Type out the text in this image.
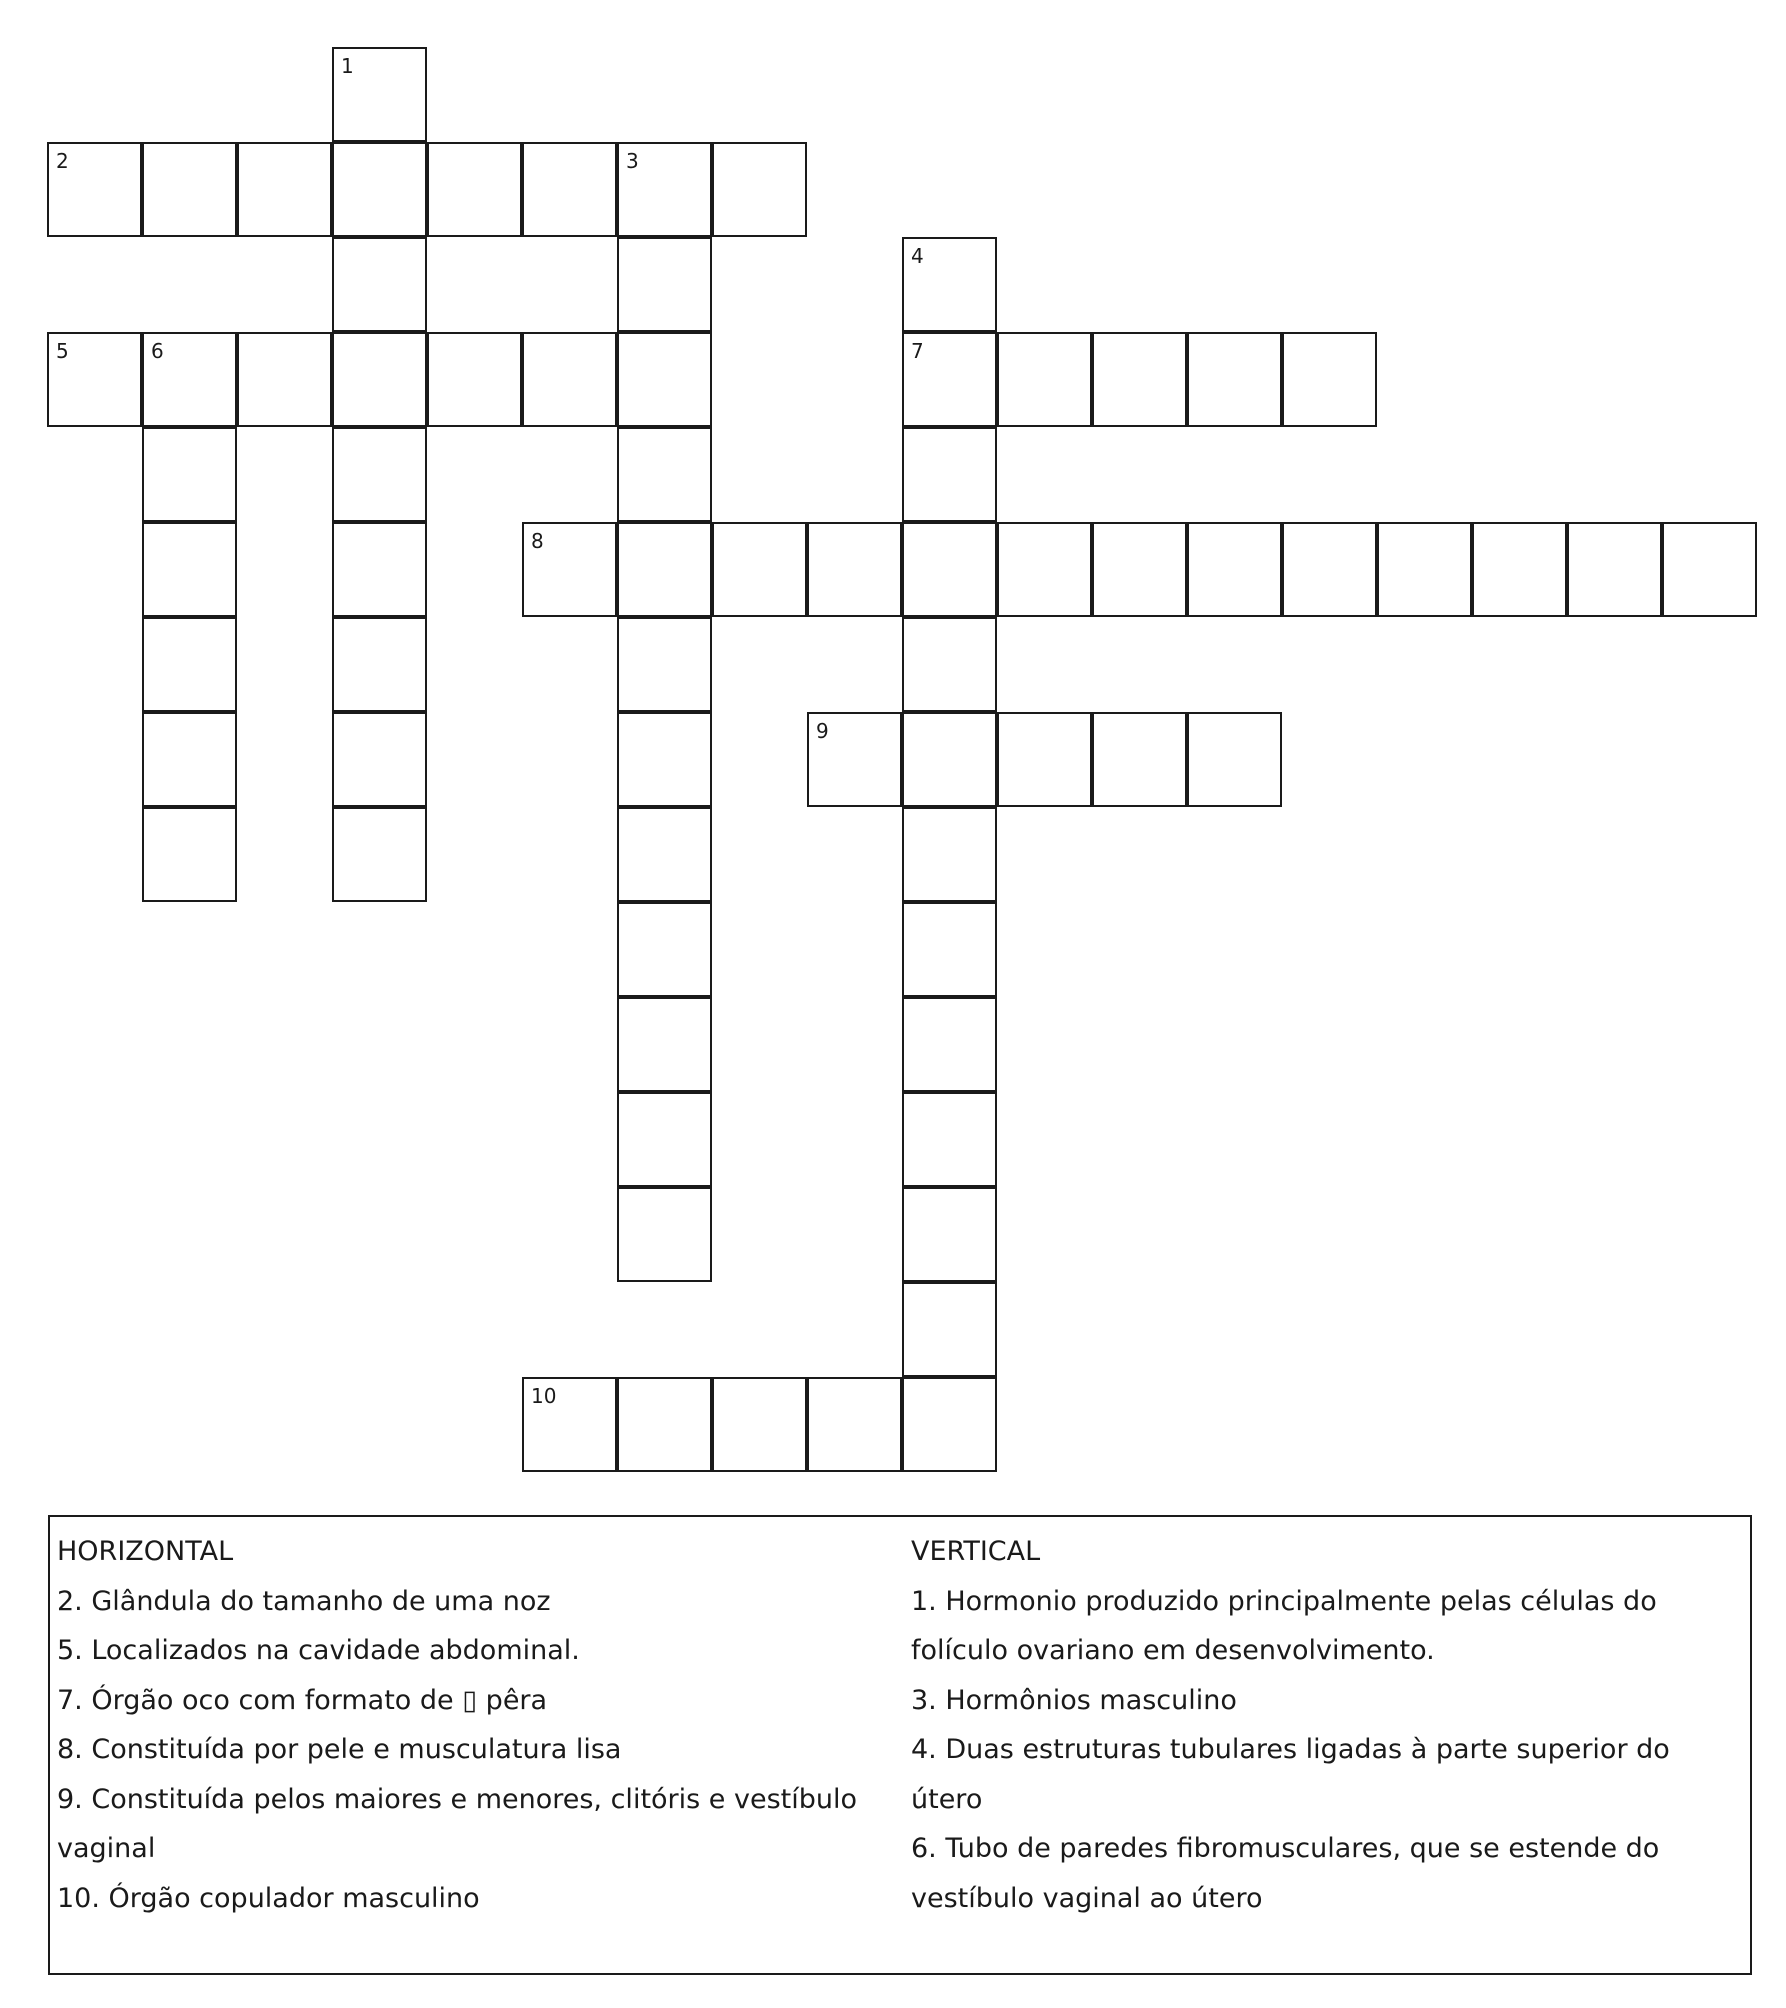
1
2	3
4
7
5	6
8
9
10

HORIZONTAL

2. Glândula do tamanho de uma noz

5. Localizados na cavidade abdominal.

7. Órgão oco com formato de ▯ pêra

8. Constituída por pele e musculatura lisa

9. Constituída pelos maiores e menores, clitóris e vestíbulo

vaginal

10. Órgão copulador masculino

VERTICAL

1. Hormonio produzido principalmente pelas células do

folículo ovariano em desenvolvimento.

3. Hormônios masculino

4. Duas estruturas tubulares ligadas à parte superior do

útero

6. Tubo de paredes fibromusculares, que se estende do

vestíbulo vaginal ao útero
